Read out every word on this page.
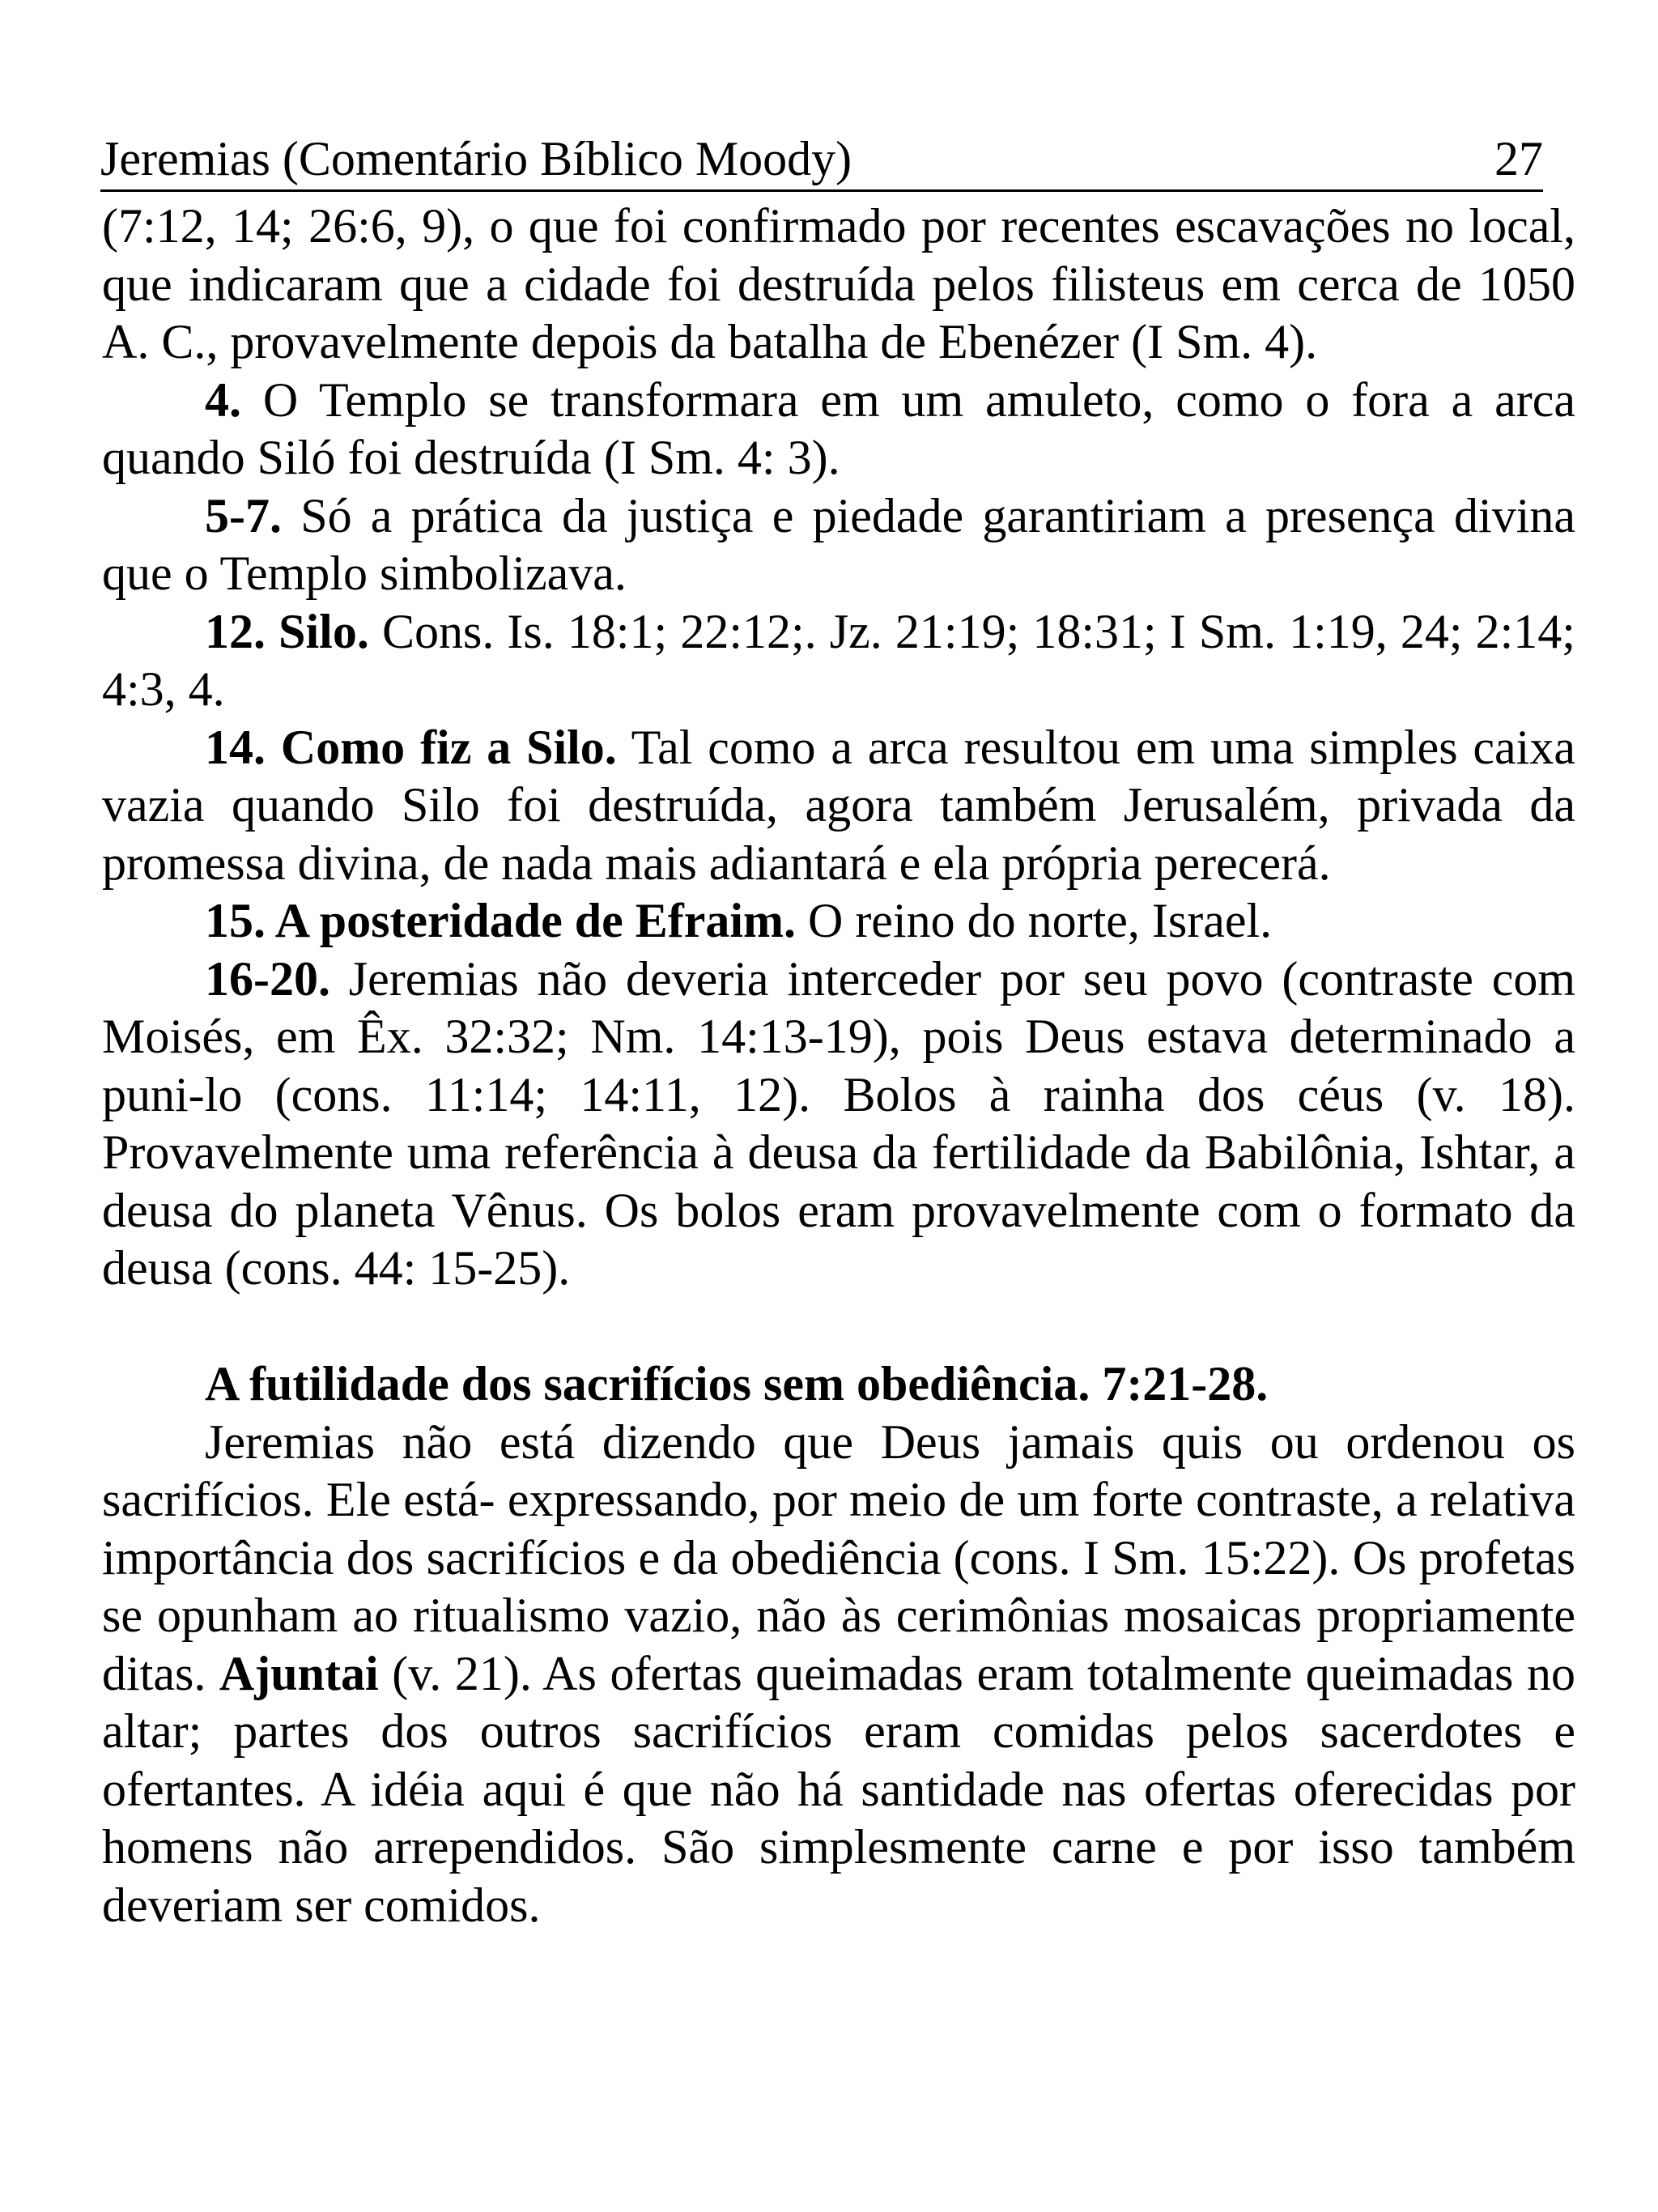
Jeremias (Comentário Bíblico Moody)	27

(7:12, 14; 26:6, 9), o que foi confirmado por recentes escavações no local, que indicaram que a cidade foi destruída pelos filisteus em cerca de 1050 A. C., provavelmente depois da batalha de Ebenézer (I Sm. 4).

4. O Templo se transformara em um amuleto, como o fora a arca quando Siló foi destruída (I Sm. 4: 3).

5-7. Só a prática da justiça e piedade garantiriam a presença divina que o Templo simbolizava.

12. Silo. Cons. Is. 18:1; 22:12;. Jz. 21:19; 18:31; I Sm. 1:19, 24; 2:14; 4:3, 4.

14. Como fiz a Silo. Tal como a arca resultou em uma simples caixa vazia quando Silo foi destruída, agora também Jerusalém, privada da promessa divina, de nada mais adiantará e ela própria perecerá.

15. A posteridade de Efraim. O reino do norte, Israel.

16-20. Jeremias não deveria interceder por seu povo (contraste com Moisés, em Êx. 32:32; Nm. 14:13-19), pois Deus estava determinado a puni-lo (cons. 11:14; 14:11, 12). Bolos à rainha dos céus (v. 18). Provavelmente uma referência à deusa da fertilidade da Babilônia, Ishtar, a deusa do planeta Vênus. Os bolos eram provavelmente com o formato da deusa (cons. 44: 15-25).

A futilidade dos sacrifícios sem obediência. 7:21-28.

Jeremias não está dizendo que Deus jamais quis ou ordenou os sacrifícios. Ele está- expressando, por meio de um forte contraste, a relativa importância dos sacrifícios e da obediência (cons. I Sm. 15:22). Os profetas se opunham ao ritualismo vazio, não às cerimônias mosaicas propriamente ditas. Ajuntai (v. 21). As ofertas queimadas eram totalmente queimadas no altar; partes dos outros sacrifícios eram comidas pelos sacerdotes e ofertantes. A idéia aqui é que não há santidade nas ofertas oferecidas por homens não arrependidos. São simplesmente carne e por isso também deveriam ser comidos.
